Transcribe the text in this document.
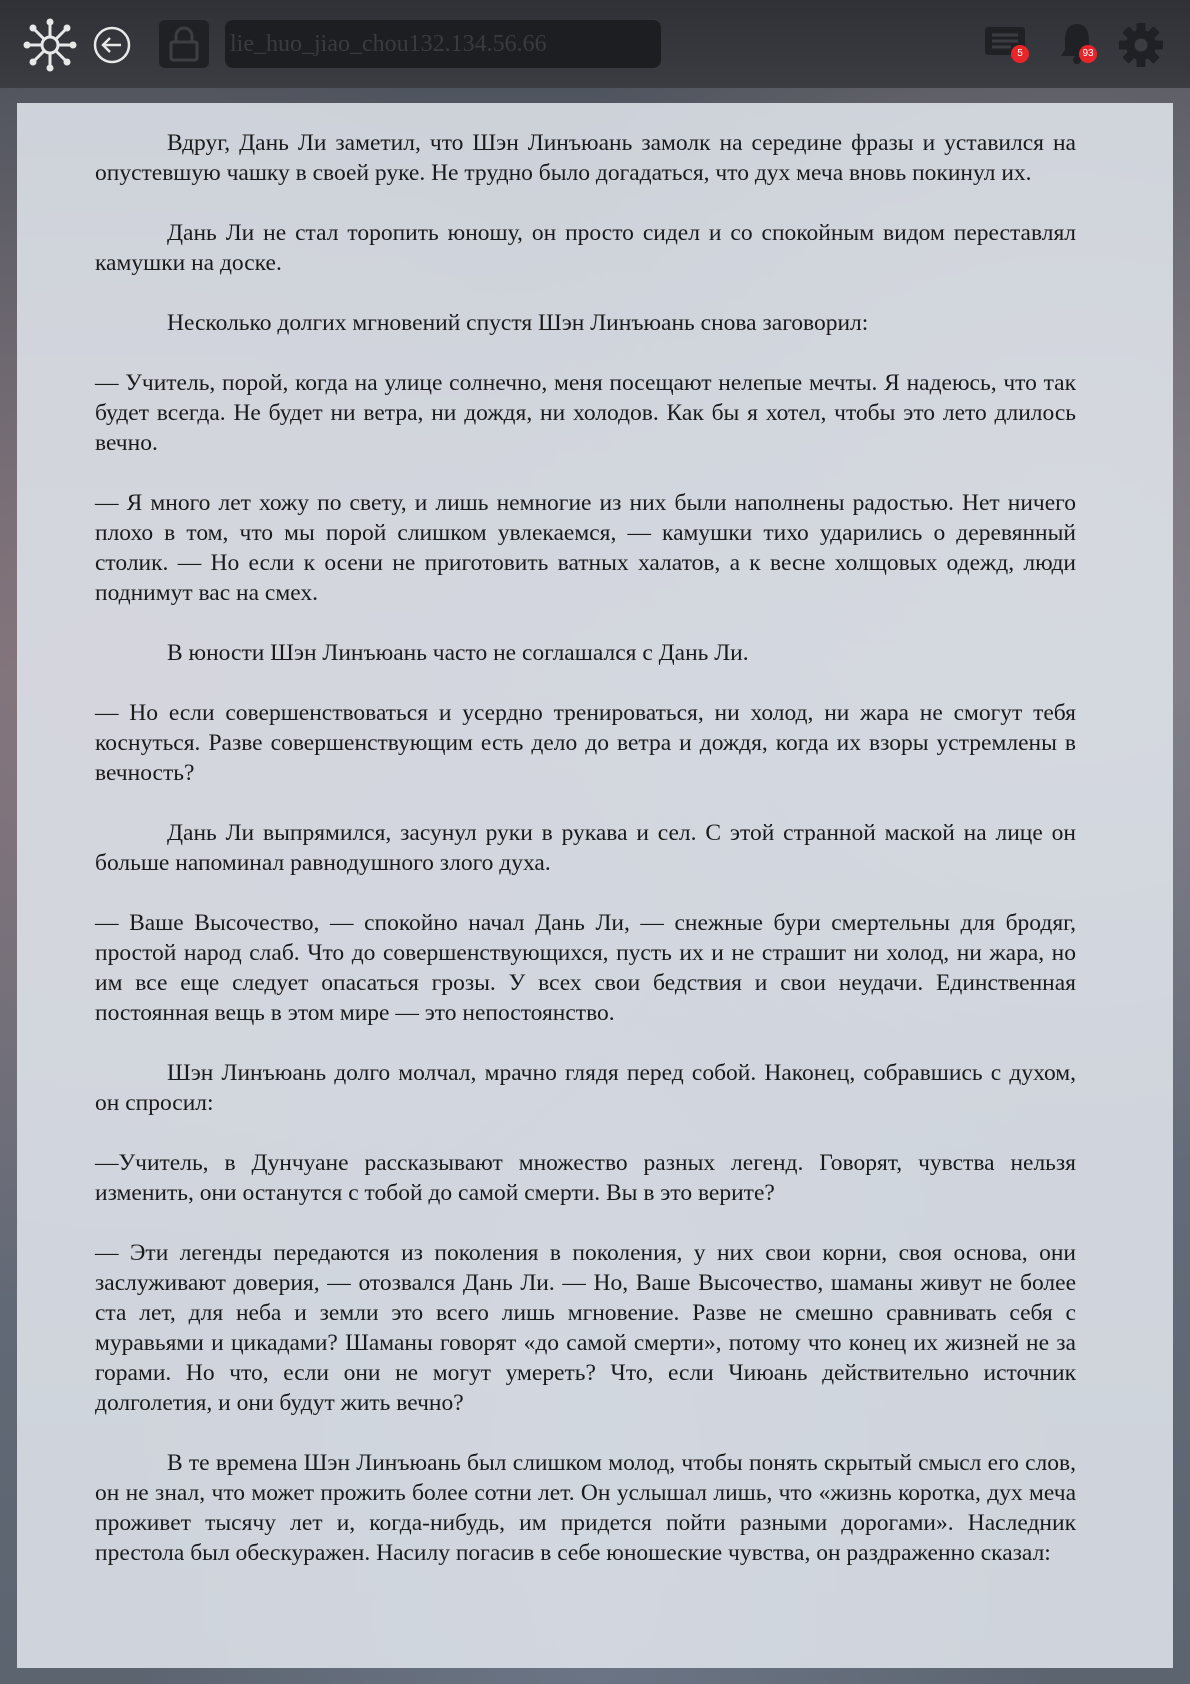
lie_huo_jiao_chou132.134.56.66	5	93

Вдруг, Дань Ли заметил, что Шэн Линъюань замолк на середине фразы и уставился на опустевшую чашку в своей руке. Не трудно было догадаться, что дух меча вновь покинул их.

Дань Ли не стал торопить юношу, он просто сидел и со спокойным видом переставлял камушки на доске.

Несколько долгих мгновений спустя Шэн Линъюань снова заговорил:

— Учитель, порой, когда на улице солнечно, меня посещают нелепые мечты. Я надеюсь, что так будет всегда. Не будет ни ветра, ни дождя, ни холодов. Как бы я хотел, чтобы это лето длилось вечно.

— Я много лет хожу по свету, и лишь немногие из них были наполнены радостью. Нет ничего плохо в том, что мы порой слишком увлекаемся, — камушки тихо ударились о деревянный столик. — Но если к осени не приготовить ватных халатов, а к весне холщовых одежд, люди поднимут вас на смех.

В юности Шэн Линъюань часто не соглашался с Дань Ли.

— Но если совершенствоваться и усердно тренироваться, ни холод, ни жара не смогут тебя коснуться. Разве совершенствующим есть дело до ветра и дождя, когда их взоры устремлены в вечность?

Дань Ли выпрямился, засунул руки в рукава и сел. С этой странной маской на лице он больше напоминал равнодушного злого духа.

— Ваше Высочество, — спокойно начал Дань Ли, — снежные бури смертельны для бродяг, простой народ слаб. Что до совершенствующихся, пусть их и не страшит ни холод, ни жара, но им все еще следует опасаться грозы. У всех свои бедствия и свои неудачи. Единственная постоянная вещь в этом мире — это непостоянство.

Шэн Линъюань долго молчал, мрачно глядя перед собой. Наконец, собравшись с духом, он спросил:

—Учитель, в Дунчуане рассказывают множество разных легенд. Говорят, чувства нельзя изменить, они останутся с тобой до самой смерти. Вы в это верите?

— Эти легенды передаются из поколения в поколения, у них свои корни, своя основа, они заслуживают доверия, — отозвался Дань Ли. — Но, Ваше Высочество, шаманы живут не более ста лет, для неба и земли это всего лишь мгновение. Разве не смешно сравнивать себя с муравьями и цикадами? Шаманы говорят «до самой смерти», потому что конец их жизней не за горами. Но что, если они не могут умереть? Что, если Чиюань действительно источник долголетия, и они будут жить вечно?

В те времена Шэн Линъюань был слишком молод, чтобы понять скрытый смысл его слов, он не знал, что может прожить более сотни лет. Он услышал лишь, что «жизнь коротка, дух меча проживет тысячу лет и, когда-нибудь, им придется пойти разными дорогами». Наследник престола был обескуражен. Насилу погасив в себе юношеские чувства, он раздраженно сказал:
